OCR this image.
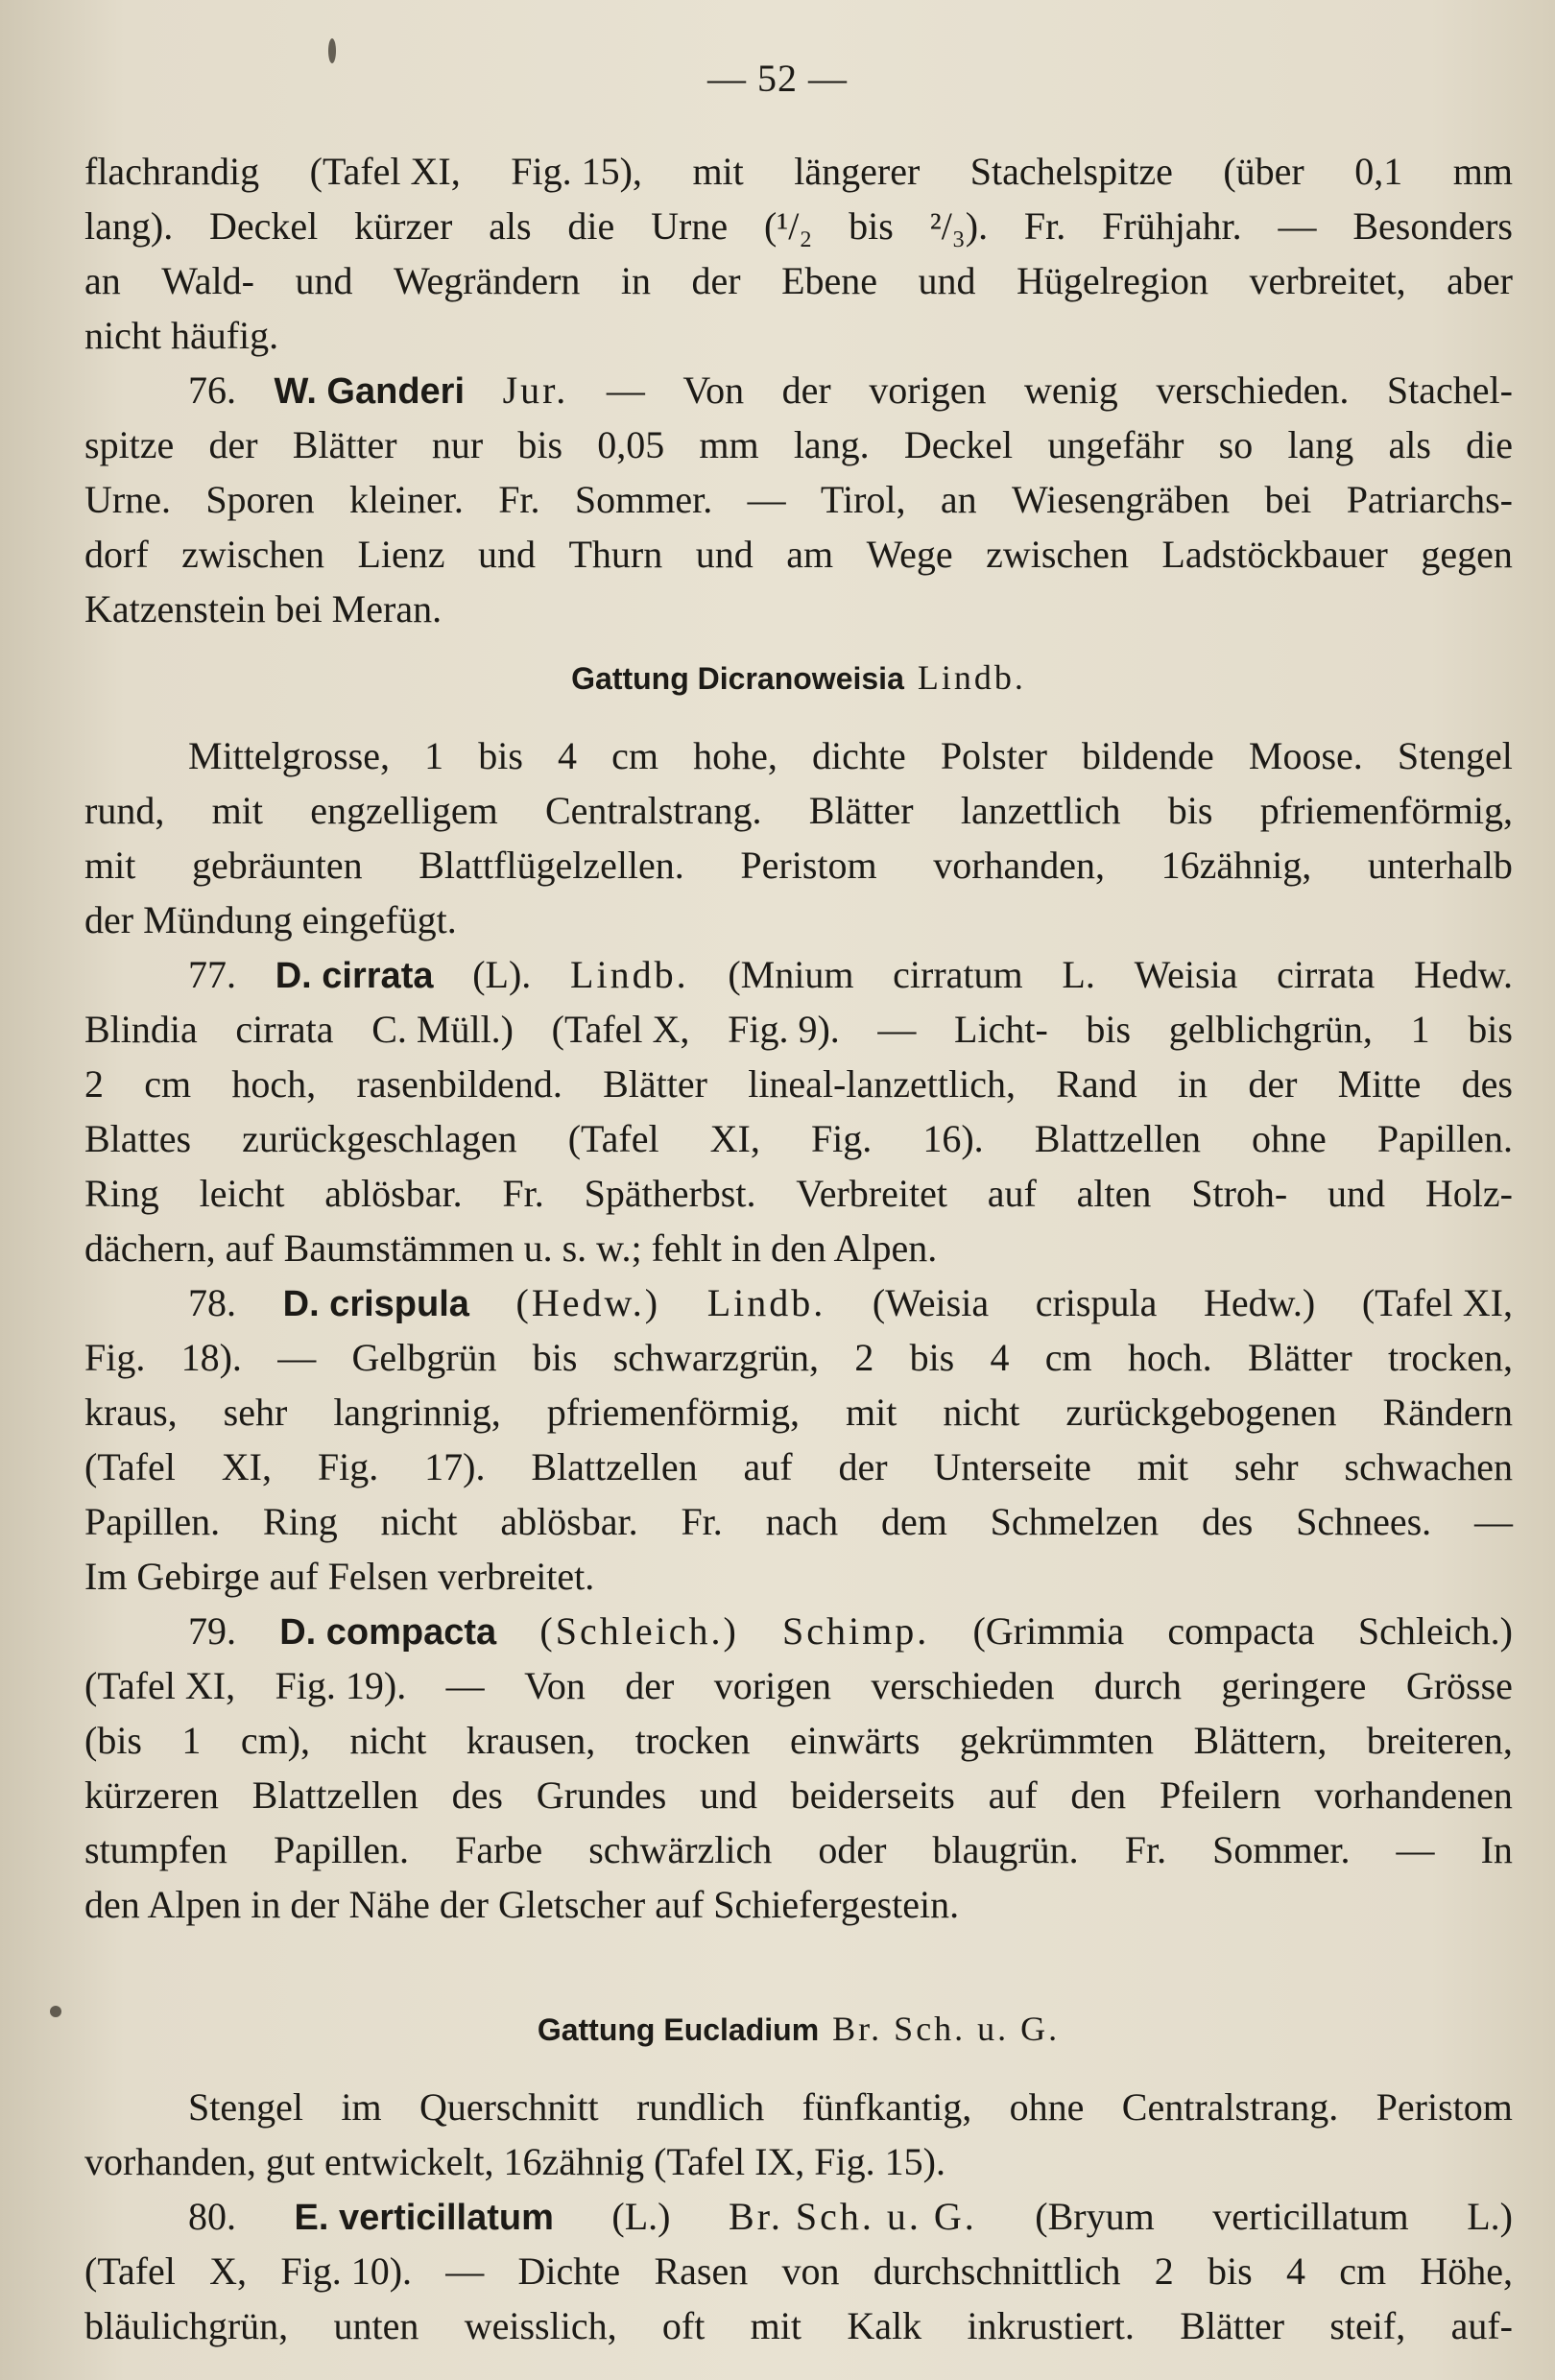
— 52 —
flachrandig (Tafel XI, Fig. 15), mit längerer Stachelspitze (über 0,1 mm
lang). Deckel kürzer als die Urne (¹/₂ bis ²/₃). Fr. Frühjahr. — Besonders
an Wald- und Wegrändern in der Ebene und Hügelregion verbreitet, aber
nicht häufig.
76. W. Ganderi Jur. — Von der vorigen wenig verschieden. Stachel-
spitze der Blätter nur bis 0,05 mm lang. Deckel ungefähr so lang als die
Urne. Sporen kleiner. Fr. Sommer. — Tirol, an Wiesengräben bei Patriarchs-
dorf zwischen Lienz und Thurn und am Wege zwischen Ladstöckbauer gegen
Katzenstein bei Meran.
Gattung Dicranoweisia Lindb.
Mittelgrosse, 1 bis 4 cm hohe, dichte Polster bildende Moose. Stengel
rund, mit engzelligem Centralstrang. Blätter lanzettlich bis pfriemenförmig,
mit gebräunten Blattflügelzellen. Peristom vorhanden, 16zähnig, unterhalb
der Mündung eingefügt.
77. D. cirrata (L). Lindb. (Mnium cirratum L. Weisia cirrata Hedw.
Blindia cirrata C. Müll.) (Tafel X, Fig. 9). — Licht- bis gelblichgrün, 1 bis
2 cm hoch, rasenbildend. Blätter lineal-lanzettlich, Rand in der Mitte des
Blattes zurückgeschlagen (Tafel XI, Fig. 16). Blattzellen ohne Papillen.
Ring leicht ablösbar. Fr. Spätherbst. Verbreitet auf alten Stroh- und Holz-
dächern, auf Baumstämmen u. s. w.; fehlt in den Alpen.
78. D. crispula (Hedw.) Lindb. (Weisia crispula Hedw.) (Tafel XI,
Fig. 18). — Gelbgrün bis schwarzgrün, 2 bis 4 cm hoch. Blätter trocken,
kraus, sehr langrinnig, pfriemenförmig, mit nicht zurückgebogenen Rändern
(Tafel XI, Fig. 17). Blattzellen auf der Unterseite mit sehr schwachen
Papillen. Ring nicht ablösbar. Fr. nach dem Schmelzen des Schnees. —
Im Gebirge auf Felsen verbreitet.
79. D. compacta (Schleich.) Schimp. (Grimmia compacta Schleich.)
(Tafel XI, Fig. 19). — Von der vorigen verschieden durch geringere Grösse
(bis 1 cm), nicht krausen, trocken einwärts gekrümmten Blättern, breiteren,
kürzeren Blattzellen des Grundes und beiderseits auf den Pfeilern vorhandenen
stumpfen Papillen. Farbe schwärzlich oder blaugrün. Fr. Sommer. — In
den Alpen in der Nähe der Gletscher auf Schiefergestein.
Gattung Eucladium Br. Sch. u. G.
Stengel im Querschnitt rundlich fünfkantig, ohne Centralstrang. Peristom
vorhanden, gut entwickelt, 16zähnig (Tafel IX, Fig. 15).
80. E. verticillatum (L.) Br. Sch. u. G. (Bryum verticillatum L.)
(Tafel X, Fig. 10). — Dichte Rasen von durchschnittlich 2 bis 4 cm Höhe,
bläulichgrün, unten weisslich, oft mit Kalk inkrustiert. Blätter steif, auf-
